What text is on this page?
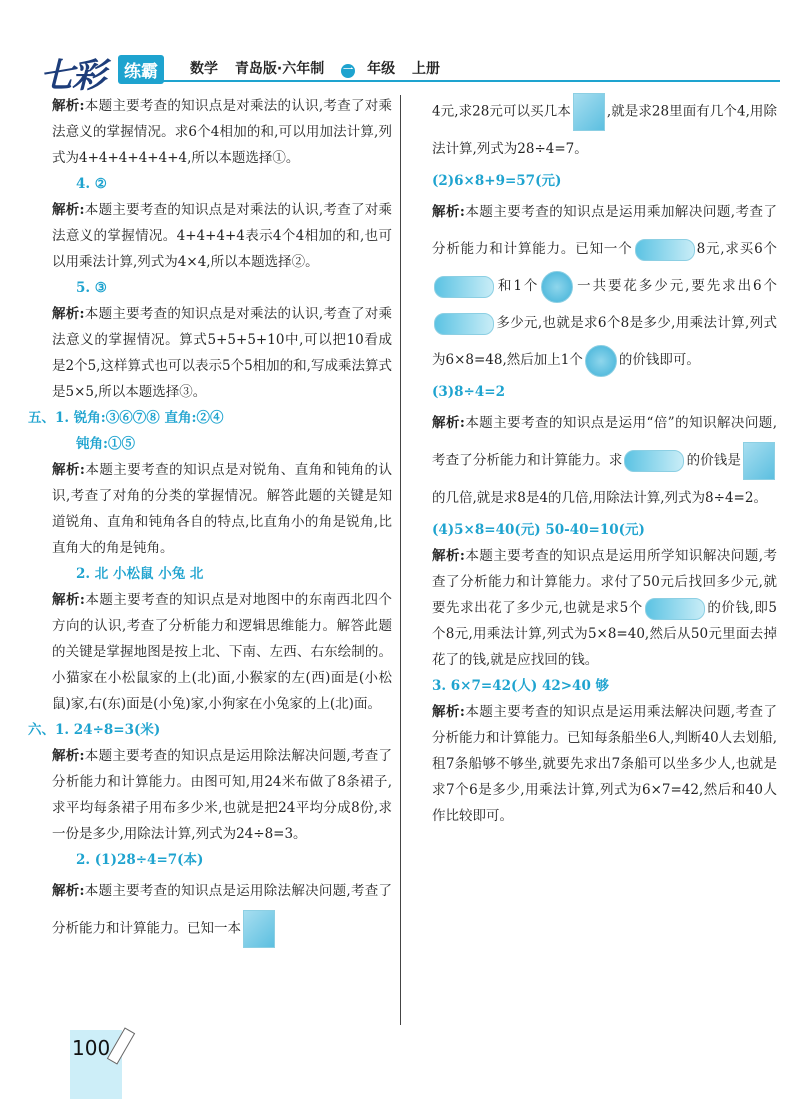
七彩	练霸	数学 青岛版·六年制 一 年级 上册

解析:本题主要考查的知识点是对乘法的认识,考查了对乘法意义的掌握情况。求6个4相加的和,可以用加法计算,列式为4+4+4+4+4+4,所以本题选择①。

4. ②

解析:本题主要考查的知识点是对乘法的认识,考查了对乘法意义的掌握情况。4+4+4+4表示4个4相加的和,也可以用乘法计算,列式为4×4,所以本题选择②。

5. ③

解析:本题主要考查的知识点是对乘法的认识,考查了对乘法意义的掌握情况。算式5+5+5+10中,可以把10看成是2个5,这样算式也可以表示5个5相加的和,写成乘法算式是5×5,所以本题选择③。

五、1. 锐角:③⑥⑦⑧ 直角:②④

钝角:①⑤

解析:本题主要考查的知识点是对锐角、直角和钝角的认识,考查了对角的分类的掌握情况。解答此题的关键是知道锐角、直角和钝角各自的特点,比直角小的角是锐角,比直角大的角是钝角。

2. 北 小松鼠 小兔 北

解析:本题主要考查的知识点是对地图中的东南西北四个方向的认识,考查了分析能力和逻辑思维能力。解答此题的关键是掌握地图是按上北、下南、左西、右东绘制的。小猫家在小松鼠家的上(北)面,小猴家的左(西)面是(小松鼠)家,右(东)面是(小兔)家,小狗家在小兔家的上(北)面。

六、1. 24÷8=3(米)

解析:本题主要考查的知识点是运用除法解决问题,考查了分析能力和计算能力。由图可知,用24米布做了8条裙子,求平均每条裙子用布多少米,也就是把24平均分成8份,求一份是多少,用除法计算,列式为24÷8=3。

2. (1)28÷4=7(本)

解析:本题主要考查的知识点是运用除法解决问题,考查了分析能力和计算能力。已知一本

4元,求28元可以买几本	,就是求28里面有几个4,用除法计算,列式为28÷4=7。

(2)6×8+9=57(元)

解析:本题主要考查的知识点是运用乘加解决问题,考查了分析能力和计算能力。已知一个	8元,求买6个和1个	一共要花多少元,要先求出6个多少元,也就是求6个8是多少,用乘法计算,列式为6×8=48,然后加上1个	的价钱即可。

(3)8÷4=2

解析:本题主要考查的知识点是运用“倍”的知识解决问题,考查了分析能力和计算能力。求	的价钱是的几倍,就是求8是4的几倍,用除法计算,列式为8÷4=2。

(4)5×8=40(元) 50-40=10(元)

解析:本题主要考查的知识点是运用所学知识解决问题,考查了分析能力和计算能力。求付了50元后找回多少元,就要先求出花了多少元,也就是求5个	的价钱,即5个8元,用乘法计算,列式为5×8=40,然后从50元里面去掉花了的钱,就是应找回的钱。

3. 6×7=42(人) 42>40 够

解析:本题主要考查的知识点是运用乘法解决问题,考查了分析能力和计算能力。已知每条船坐6人,判断40人去划船,租7条船够不够坐,就要先求出7条船可以坐多少人,也就是求7个6是多少,用乘法计算,列式为6×7=42,然后和40人作比较即可。

100
